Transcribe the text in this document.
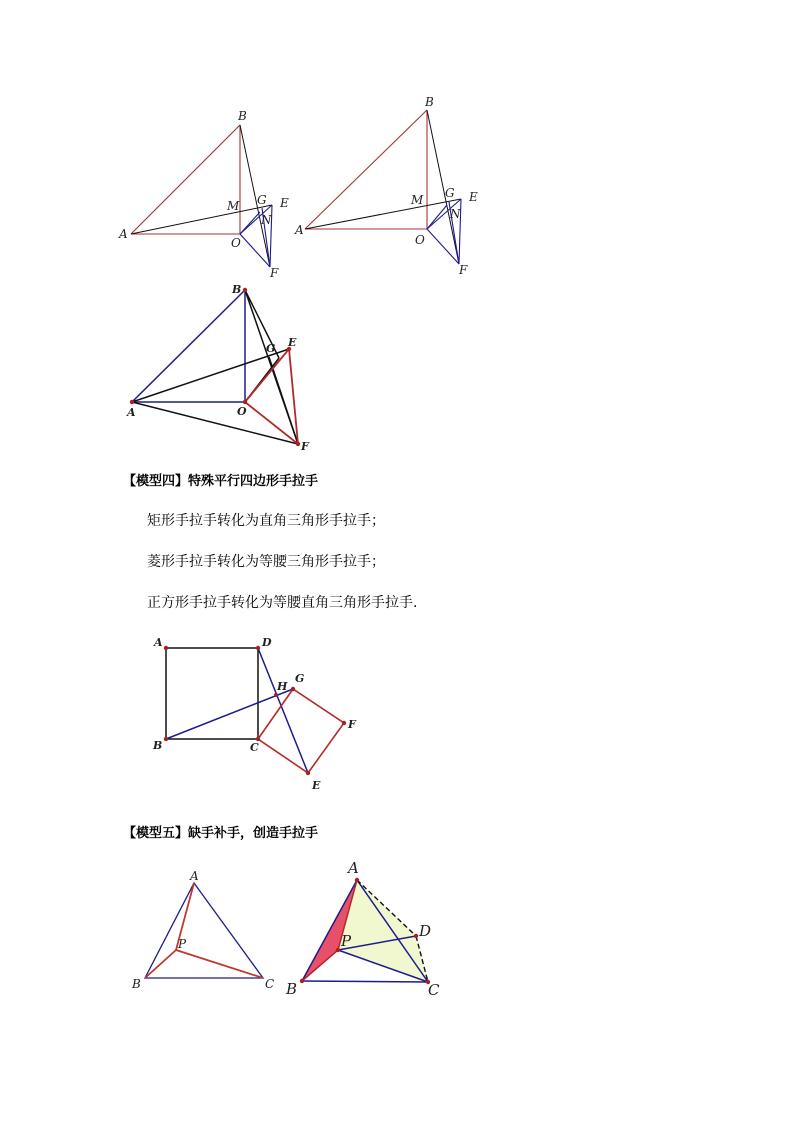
A
B
M G E
O
N
F
A
B
M G E
O
N
F
A
B
G E
O
F
【模型四】特殊平行四边形手拉手
矩形手拉手转化为直角三角形手拉手；
菱形手拉手转化为等腰三角形手拉手；
正方形手拉手转化为等腰直角三角形手拉手.
A	D
H
G
F
B	C
E
【模型五】缺手补手，创造手拉手
A
P
B	C
A
P
D
B	C
